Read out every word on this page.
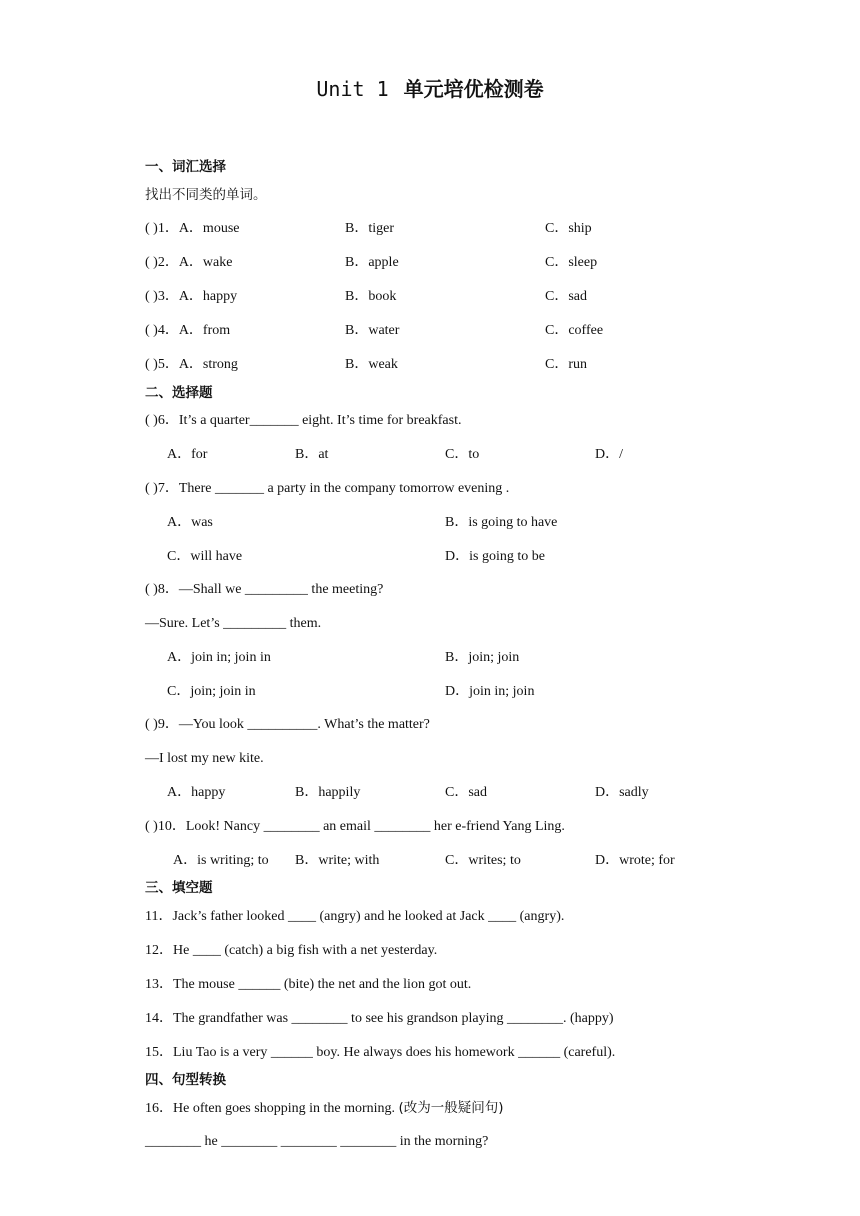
Unit 1 单元培优检测卷
一、词汇选择
找出不同类的单词。
( )1．A．mouse	B．tiger	C．ship
( )2．A．wake	B．apple	C．sleep
( )3．A．happy	B．book	C．sad
( )4．A．from	B．water	C．coffee
( )5．A．strong	B．weak	C．run
二、选择题
( )6．It’s a quarter_______ eight. It’s time for breakfast.
A．for	B．at	C．to	D．/
( )7．There _______ a party in the company tomorrow evening .
A．was	B．is going to have
C．will have	D．is going to be
( )8．—Shall we _________ the meeting?
—Sure. Let’s _________ them.
A．join in; join in	B．join; join
C．join; join in	D．join in; join
( )9．—You look __________. What’s the matter?
—I lost my new kite.
A．happy	B．happily	C．sad	D．sadly
( )10．Look! Nancy ________ an email ________ her e-friend Yang Ling.
A．is writing; to B．write; with	C．writes; to	D．wrote; for
三、填空题
11．Jack’s father looked ____ (angry) and he looked at Jack ____ (angry).
12．He ____ (catch) a big fish with a net yesterday.
13．The mouse ______ (bite) the net and the lion got out.
14．The grandfather was ________ to see his grandson playing ________. (happy)
15．Liu Tao is a very ______ boy. He always does his homework ______ (careful).
四、句型转换
16．He often goes shopping in the morning. (改为一般疑问句)
________ he ________ ________ ________ in the morning?
